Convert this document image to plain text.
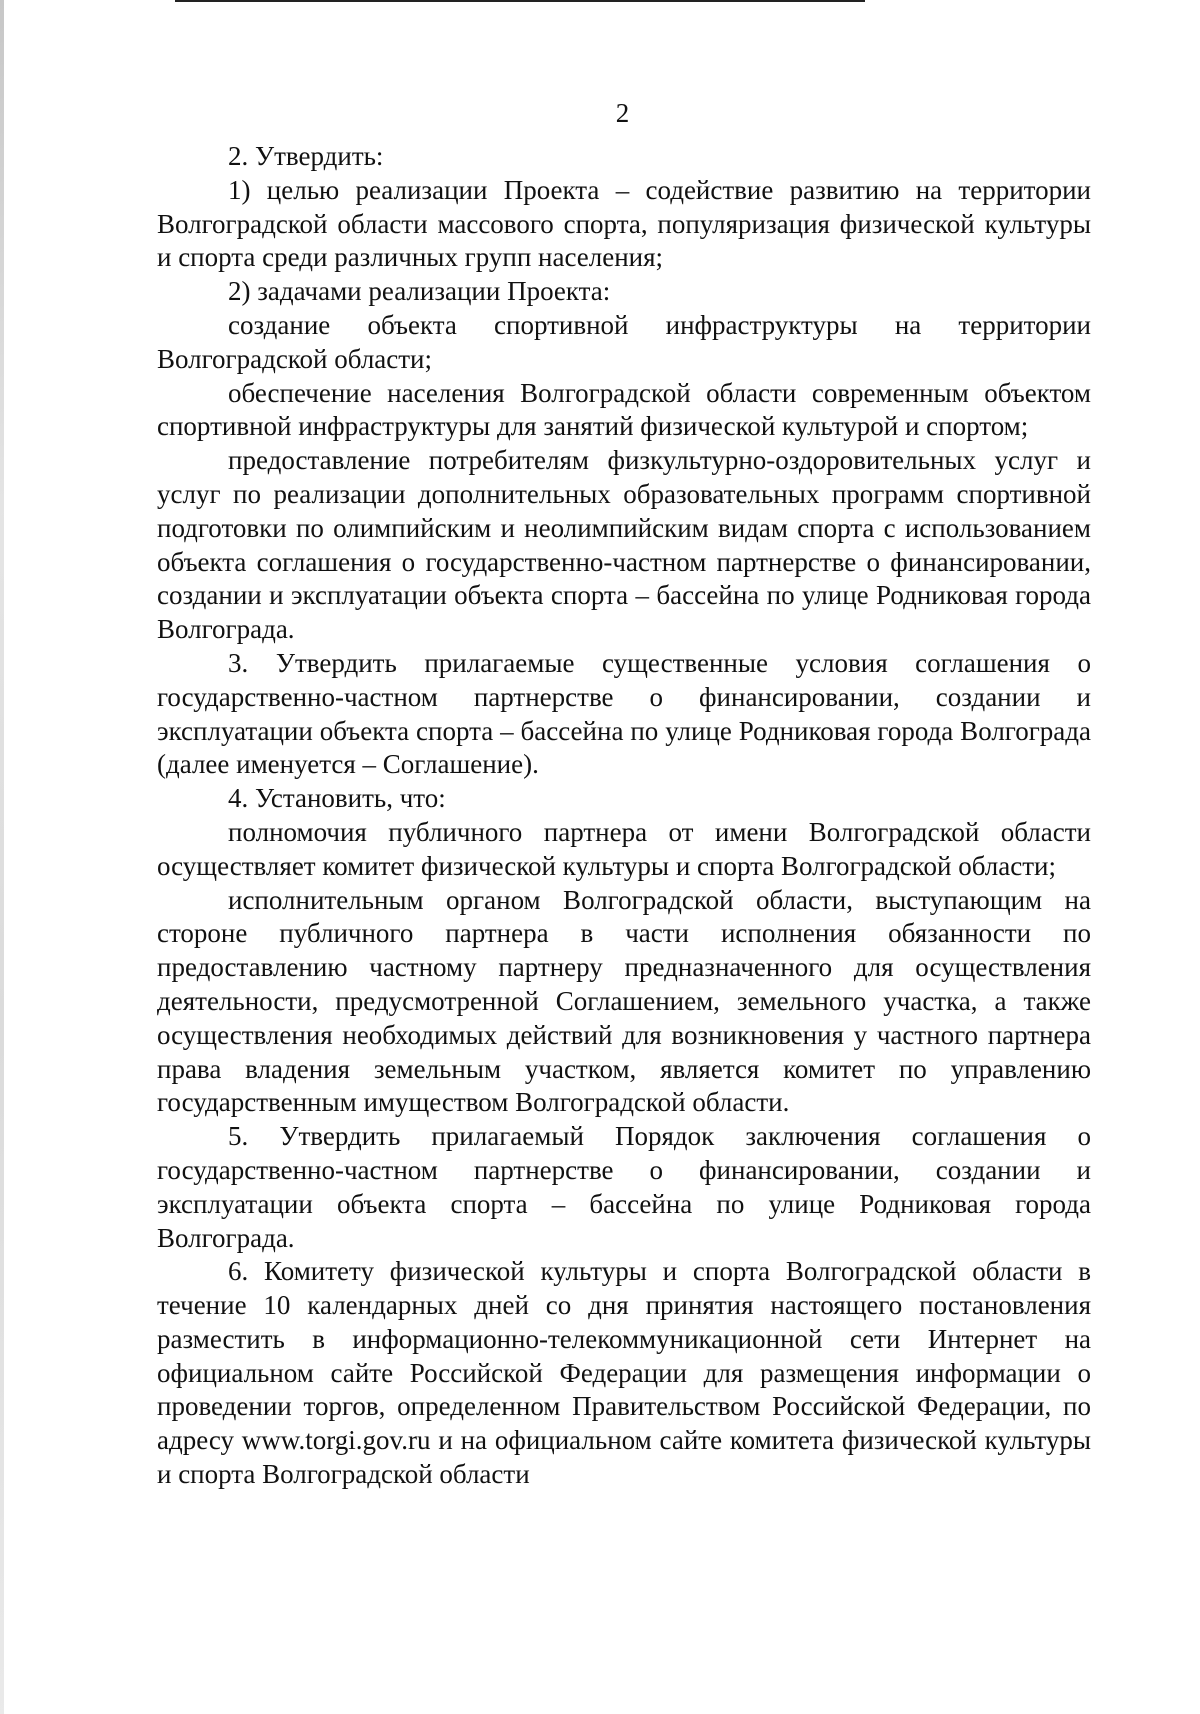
2

2. Утвердить:

1) целью реализации Проекта – содействие развитию на территории Волгоградской области массового спорта, популяризация физической культуры и спорта среди различных групп населения;

2) задачами реализации Проекта:

создание объекта спортивной инфраструктуры на территории Волгоградской области;

обеспечение населения Волгоградской области современным объектом спортивной инфраструктуры для занятий физической культурой и спортом;

предоставление потребителям физкультурно-оздоровительных услуг и услуг по реализации дополнительных образовательных программ спортивной подготовки по олимпийским и неолимпийским видам спорта с использованием объекта соглашения о государственно-частном партнерстве о финансировании, создании и эксплуатации объекта спорта – бассейна по улице Родниковая города Волгограда.

3. Утвердить прилагаемые существенные условия соглашения о государственно-частном партнерстве о финансировании, создании и эксплуатации объекта спорта – бассейна по улице Родниковая города Волгограда (далее именуется – Соглашение).

4. Установить, что:

полномочия публичного партнера от имени Волгоградской области осуществляет комитет физической культуры и спорта Волгоградской области;

исполнительным органом Волгоградской области, выступающим на стороне публичного партнера в части исполнения обязанности по предоставлению частному партнеру предназначенного для осуществления деятельности, предусмотренной Соглашением, земельного участка, а также осуществления необходимых действий для возникновения у частного партнера права владения земельным участком, является комитет по управлению государственным имуществом Волгоградской области.

5. Утвердить прилагаемый Порядок заключения соглашения о государственно-частном партнерстве о финансировании, создании и эксплуатации объекта спорта – бассейна по улице Родниковая города Волгограда.

6. Комитету физической культуры и спорта Волгоградской области в течение 10 календарных дней со дня принятия настоящего постановления разместить в информационно-телекоммуникационной сети Интернет на официальном сайте Российской Федерации для размещения информации о проведении торгов, определенном Правительством Российской Федерации, по адресу www.torgi.gov.ru и на официальном сайте комитета физической культуры и спорта Волгоградской области
